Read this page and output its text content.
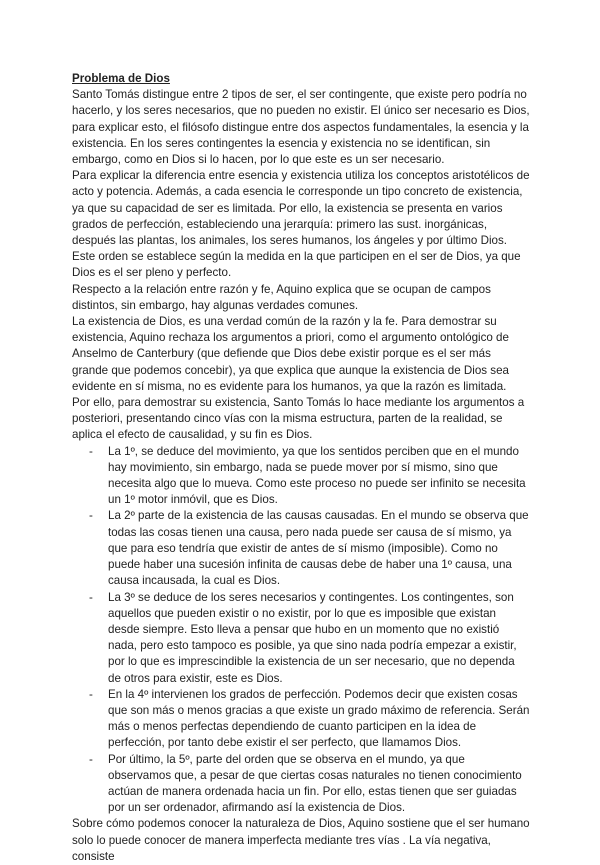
Problema de Dios

Santo Tomás distingue entre 2 tipos de ser, el ser contingente, que existe pero podría no hacerlo, y los seres necesarios, que no pueden no existir. El único ser necesario es Dios, para explicar esto, el filósofo distingue entre dos aspectos fundamentales, la esencia y la existencia. En los seres contingentes la esencia y existencia no se identifican, sin embargo, como en Dios si lo hacen, por lo que este es un ser necesario.

Para explicar la diferencia entre esencia y existencia utiliza los conceptos aristotélicos de acto y potencia. Además, a cada esencia le corresponde un tipo concreto de existencia, ya que su capacidad de ser es limitada. Por ello, la existencia se presenta en varios grados de perfección, estableciendo una jerarquía: primero las sust. inorgánicas, después las plantas, los animales, los seres humanos, los ángeles y por último Dios. Este orden se establece según la medida en la que participen en el ser de Dios, ya que Dios es el ser pleno y perfecto.

Respecto a la relación entre razón y fe, Aquino explica que se ocupan de campos distintos, sin embargo, hay algunas verdades comunes.

La existencia de Dios, es una verdad común de la razón y la fe. Para demostrar su existencia, Aquino rechaza los argumentos a priori, como el argumento ontológico de Anselmo de Canterbury (que defiende que Dios debe existir porque es el ser más grande que podemos concebir), ya que explica que aunque la existencia de Dios sea evidente en sí misma, no es evidente para los humanos, ya que la razón es limitada.

Por ello, para demostrar su existencia, Santo Tomás lo hace mediante los argumentos a posteriori, presentando cinco vías con la misma estructura, parten de la realidad, se aplica el efecto de causalidad, y su fin es Dios.

- La 1º, se deduce del movimiento, ya que los sentidos perciben que en el mundo hay movimiento, sin embargo, nada se puede mover por sí mismo, sino que necesita algo que lo mueva. Como este proceso no puede ser infinito se necesita un 1º motor inmóvil, que es Dios.
- La 2º parte de la existencia de las causas causadas. En el mundo se observa que todas las cosas tienen una causa, pero nada puede ser causa de sí mismo, ya que para eso tendría que existir de antes de sí mismo (imposible). Como no puede haber una sucesión infinita de causas debe de haber una 1º causa, una causa incausada, la cual es Dios.
- La 3º se deduce de los seres necesarios y contingentes. Los contingentes, son aquellos que pueden existir o no existir, por lo que es imposible que existan desde siempre. Esto lleva a pensar que hubo en un momento que no existió nada, pero esto tampoco es posible, ya que sino nada podría empezar a existir, por lo que es imprescindible la existencia de un ser necesario, que no dependa de otros para existir, este es Dios.
- En la 4º intervienen los grados de perfección. Podemos decir que existen cosas que son más o menos gracias a que existe un grado máximo de referencia. Serán más o menos perfectas dependiendo de cuanto participen en la idea de perfección, por tanto debe existir el ser perfecto, que llamamos Dios.
- Por último, la 5º, parte del orden que se observa en el mundo, ya que observamos que, a pesar de que ciertas cosas naturales no tienen conocimiento actúan de manera ordenada hacia un fin. Por ello, estas tienen que ser guiadas por un ser ordenador, afirmando así la existencia de Dios.

Sobre cómo podemos conocer la naturaleza de Dios, Aquino sostiene que el ser humano solo lo puede conocer de manera imperfecta mediante tres vías . La vía negativa, consiste
